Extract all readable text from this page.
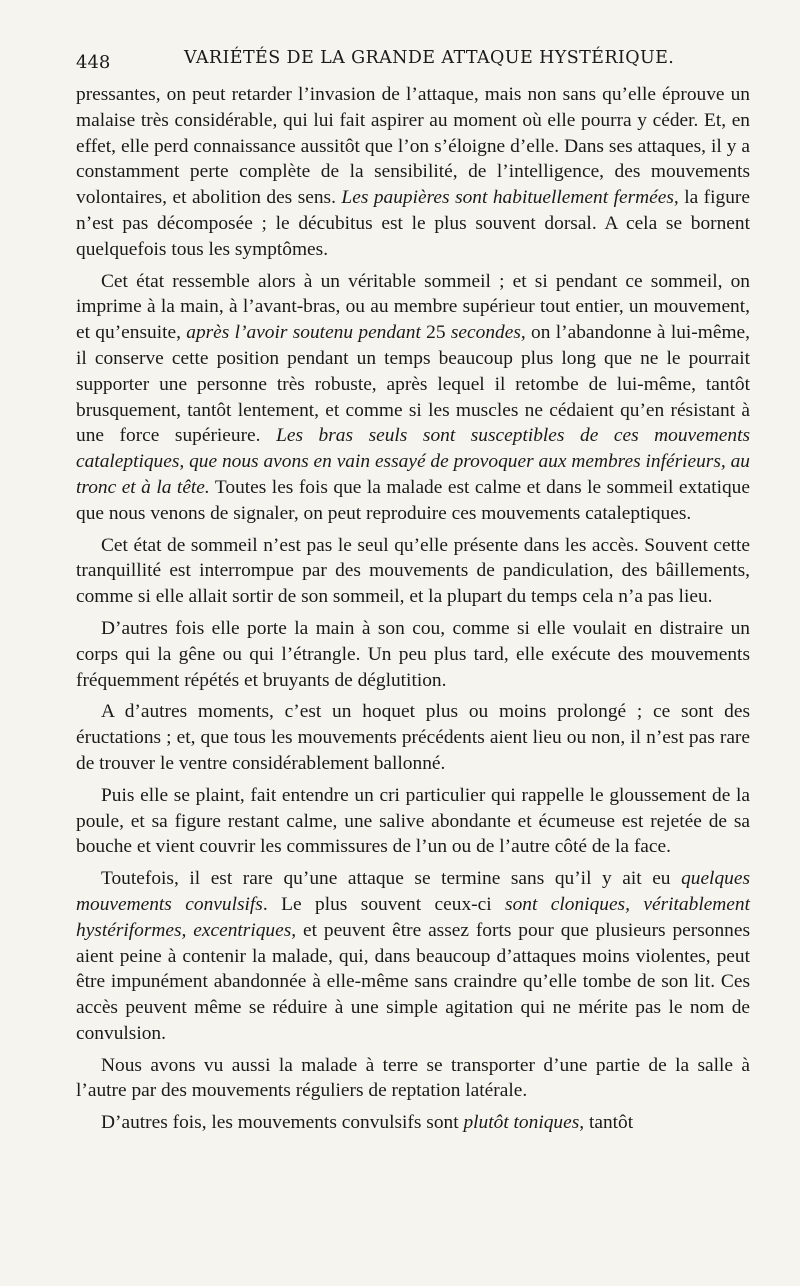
448	VARIÉTÉS DE LA GRANDE ATTAQUE HYSTÉRIQUE.

pressantes, on peut retarder l’invasion de l’attaque, mais non sans qu’elle éprouve un malaise très considérable, qui lui fait aspirer au moment où elle pourra y céder. Et, en effet, elle perd connaissance aussitôt que l’on s’éloigne d’elle. Dans ses attaques, il y a constamment perte complète de la sensibilité, de l’intelligence, des mouvements volontaires, et abolition des sens. Les paupières sont habituellement fermées, la figure n’est pas décomposée ; le décubitus est le plus souvent dorsal. A cela se bornent quelquefois tous les symptômes.

Cet état ressemble alors à un véritable sommeil ; et si pendant ce sommeil, on imprime à la main, à l’avant-bras, ou au membre supérieur tout entier, un mouvement, et qu’ensuite, après l’avoir soutenu pendant 25 secondes, on l’abandonne à lui-même, il conserve cette position pendant un temps beaucoup plus long que ne le pourrait supporter une personne très robuste, après lequel il retombe de lui-même, tantôt brusquement, tantôt lentement, et comme si les muscles ne cédaient qu’en résistant à une force supérieure. Les bras seuls sont susceptibles de ces mouvements cataleptiques, que nous avons en vain essayé de provoquer aux membres inférieurs, au tronc et à la tête. Toutes les fois que la malade est calme et dans le sommeil extatique que nous venons de signaler, on peut reproduire ces mouvements cataleptiques.

Cet état de sommeil n’est pas le seul qu’elle présente dans les accès. Souvent cette tranquillité est interrompue par des mouvements de pandiculation, des bâillements, comme si elle allait sortir de son sommeil, et la plupart du temps cela n’a pas lieu.

D’autres fois elle porte la main à son cou, comme si elle voulait en distraire un corps qui la gêne ou qui l’étrangle. Un peu plus tard, elle exécute des mouvements fréquemment répétés et bruyants de déglutition.

A d’autres moments, c’est un hoquet plus ou moins prolongé ; ce sont des éructations ; et, que tous les mouvements précédents aient lieu ou non, il n’est pas rare de trouver le ventre considérablement ballonné.

Puis elle se plaint, fait entendre un cri particulier qui rappelle le gloussement de la poule, et sa figure restant calme, une salive abondante et écumeuse est rejetée de sa bouche et vient couvrir les commissures de l’un ou de l’autre côté de la face.

Toutefois, il est rare qu’une attaque se termine sans qu’il y ait eu quelques mouvements convulsifs. Le plus souvent ceux-ci sont cloniques, véritablement hystériformes, excentriques, et peuvent être assez forts pour que plusieurs personnes aient peine à contenir la malade, qui, dans beaucoup d’attaques moins violentes, peut être impunément abandonnée à elle-même sans craindre qu’elle tombe de son lit. Ces accès peuvent même se réduire à une simple agitation qui ne mérite pas le nom de convulsion.

Nous avons vu aussi la malade à terre se transporter d’une partie de la salle à l’autre par des mouvements réguliers de reptation latérale.

D’autres fois, les mouvements convulsifs sont plutôt toniques, tantôt
